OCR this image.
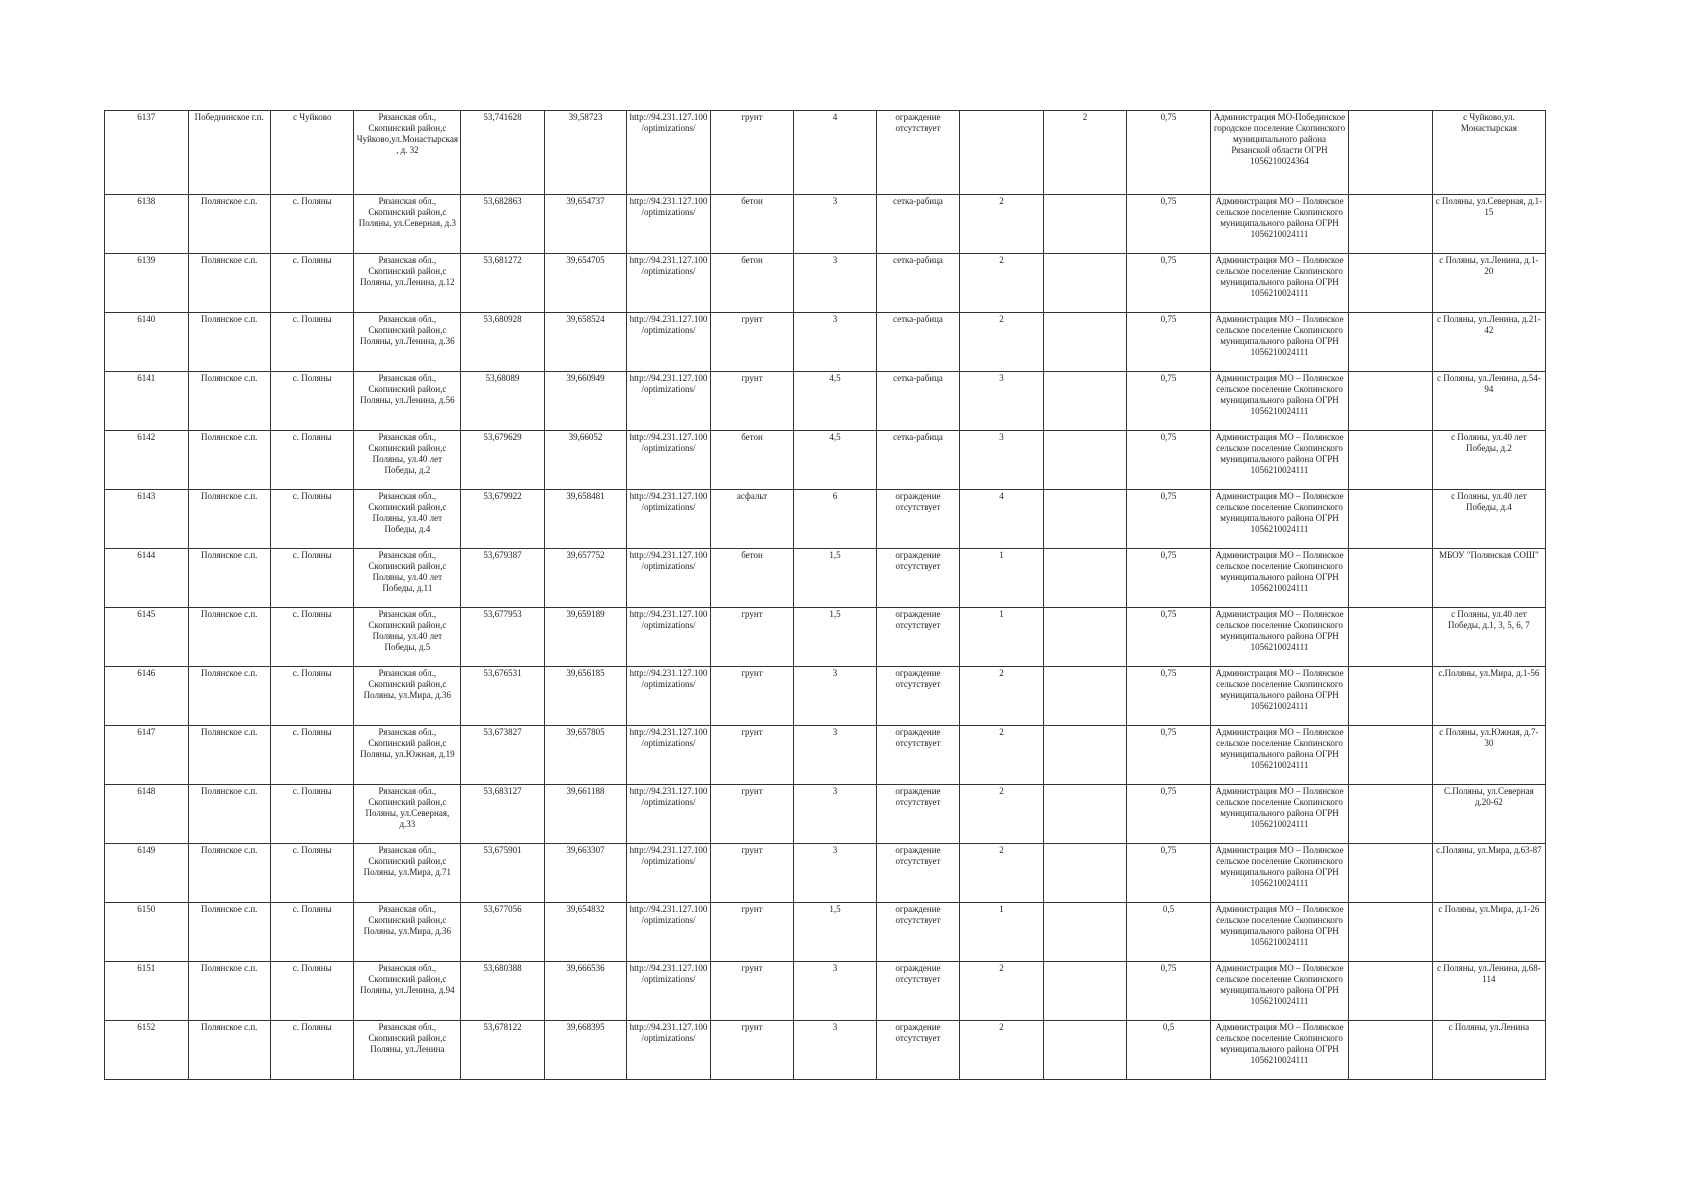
6137	Победнинское г.п.	с Чуйково	Рязанская обл., Скопинский район,с Чуйково,ул.Монастырская, д. 32	53,741628	39,58723	http://94.231.127.100/optimizations/	грунт	4	ограждение отсутствует		2	0,75	Администрация МО-Побединское городское поселение Скопинского муниципального района Рязанской области ОГРН 1056210024364		с Чуйково,ул. Монастырская
6138	Полянское с.п.	с. Поляны	Рязанская обл., Скопинский район,с Поляны, ул.Северная, д.3	53,682863	39,654737	http://94.231.127.100/optimizations/	бетон	3	сетка-рабица	2		0,75	Администрация МО – Полянское сельское поселение Скопинского муниципального района ОГРН 1056210024111		с Поляны, ул.Северная, д.1-15
6139	Полянское с.п.	с. Поляны	Рязанская обл., Скопинский район,с Поляны, ул.Ленина, д.12	53,681272	39,654705	http://94.231.127.100/optimizations/	бетон	3	сетка-рабица	2		0,75	Администрация МО – Полянское сельское поселение Скопинского муниципального района ОГРН 1056210024111		с Поляны, ул.Ленина, д.1-20
6140	Полянское с.п.	с. Поляны	Рязанская обл., Скопинский район,с Поляны, ул.Ленина, д.36	53,680928	39,658524	http://94.231.127.100/optimizations/	грунт	3	сетка-рабица	2		0,75	Администрация МО – Полянское сельское поселение Скопинского муниципального района ОГРН 1056210024111		с Поляны, ул.Ленина, д.21-42
6141	Полянское с.п.	с. Поляны	Рязанская обл., Скопинский район,с Поляны, ул.Ленина, д.56	53,68089	39,660949	http://94.231.127.100/optimizations/	грунт	4,5	сетка-рабица	3		0,75	Администрация МО – Полянское сельское поселение Скопинского муниципального района ОГРН 1056210024111		с Поляны, ул.Ленина, д.54-94
6142	Полянское с.п.	с. Поляны	Рязанская обл., Скопинский район,с Поляны, ул.40 лет Победы, д.2	53,679629	39,66052	http://94.231.127.100/optimizations/	бетон	4,5	сетка-рабица	3		0,75	Администрация МО – Полянское сельское поселение Скопинского муниципального района ОГРН 1056210024111		с Поляны, ул.40 лет Победы, д.2
6143	Полянское с.п.	с. Поляны	Рязанская обл., Скопинский район,с Поляны, ул.40 лет Победы, д.4	53,679922	39,658481	http://94.231.127.100/optimizations/	асфальт	6	ограждение отсутствует	4		0,75	Администрация МО – Полянское сельское поселение Скопинского муниципального района ОГРН 1056210024111		с Поляны, ул.40 лет Победы, д.4
6144	Полянское с.п.	с. Поляны	Рязанская обл., Скопинский район,с Поляны, ул.40 лет Победы, д.11	53,679387	39,657752	http://94.231.127.100/optimizations/	бетон	1,5	ограждение отсутствует	1		0,75	Администрация МО – Полянское сельское поселение Скопинского муниципального района ОГРН 1056210024111		МБОУ "Полянская СОШ"
6145	Полянское с.п.	с. Поляны	Рязанская обл., Скопинский район,с Поляны, ул.40 лет Победы, д.5	53,677953	39,659189	http://94.231.127.100/optimizations/	грунт	1,5	ограждение отсутствует	1		0,75	Администрация МО – Полянское сельское поселение Скопинского муниципального района ОГРН 1056210024111		с Поляны, ул.40 лет Победы, д.1, 3, 5, 6, 7
6146	Полянское с.п.	с. Поляны	Рязанская обл., Скопинский район,с Поляны, ул.Мира, д.36	53,676531	39,656185	http://94.231.127.100/optimizations/	грунт	3	ограждение отсутствует	2		0,75	Администрация МО – Полянское сельское поселение Скопинского муниципального района ОГРН 1056210024111		с.Поляны, ул.Мира, д.1-56
6147	Полянское с.п.	с. Поляны	Рязанская обл., Скопинский район,с Поляны, ул.Южная, д.19	53,673827	39,657805	http://94.231.127.100/optimizations/	грунт	3	ограждение отсутствует	2		0,75	Администрация МО – Полянское сельское поселение Скопинского муниципального района ОГРН 1056210024111		с Поляны, ул.Южная, д.7-30
6148	Полянское с.п.	с. Поляны	Рязанская обл., Скопинский район,с Поляны, ул.Северная, д.33	53,683127	39,661188	http://94.231.127.100/optimizations/	грунт	3	ограждение отсутствует	2		0,75	Администрация МО – Полянское сельское поселение Скопинского муниципального района ОГРН 1056210024111		С.Поляны, ул.Северная д.20-62
6149	Полянское с.п.	с. Поляны	Рязанская обл., Скопинский район,с Поляны, ул.Мира, д.71	53,675901	39,663307	http://94.231.127.100/optimizations/	грунт	3	ограждение отсутствует	2		0,75	Администрация МО – Полянское сельское поселение Скопинского муниципального района ОГРН 1056210024111		с.Поляны, ул.Мира, д.63-87
6150	Полянское с.п.	с. Поляны	Рязанская обл., Скопинский район,с Поляны, ул.Мира, д.36	53,677056	39,654832	http://94.231.127.100/optimizations/	грунт	1,5	ограждение отсутствует	1		0,5	Администрация МО – Полянское сельское поселение Скопинского муниципального района ОГРН 1056210024111		с Поляны, ул.Мира, д.1-26
6151	Полянское с.п.	с. Поляны	Рязанская обл., Скопинский район,с Поляны, ул.Ленина, д.94	53,680388	39,666536	http://94.231.127.100/optimizations/	грунт	3	ограждение отсутствует	2		0,75	Администрация МО – Полянское сельское поселение Скопинского муниципального района ОГРН 1056210024111		с Поляны, ул.Ленина, д.68-114
6152	Полянское с.п.	с. Поляны	Рязанская обл., Скопинский район,с Поляны, ул.Ленина	53,678122	39,668395	http://94.231.127.100/optimizations/	грунт	3	ограждение отсутствует	2		0,5	Администрация МО – Полянское сельское поселение Скопинского муниципального района ОГРН 1056210024111		с Поляны, ул.Ленина
